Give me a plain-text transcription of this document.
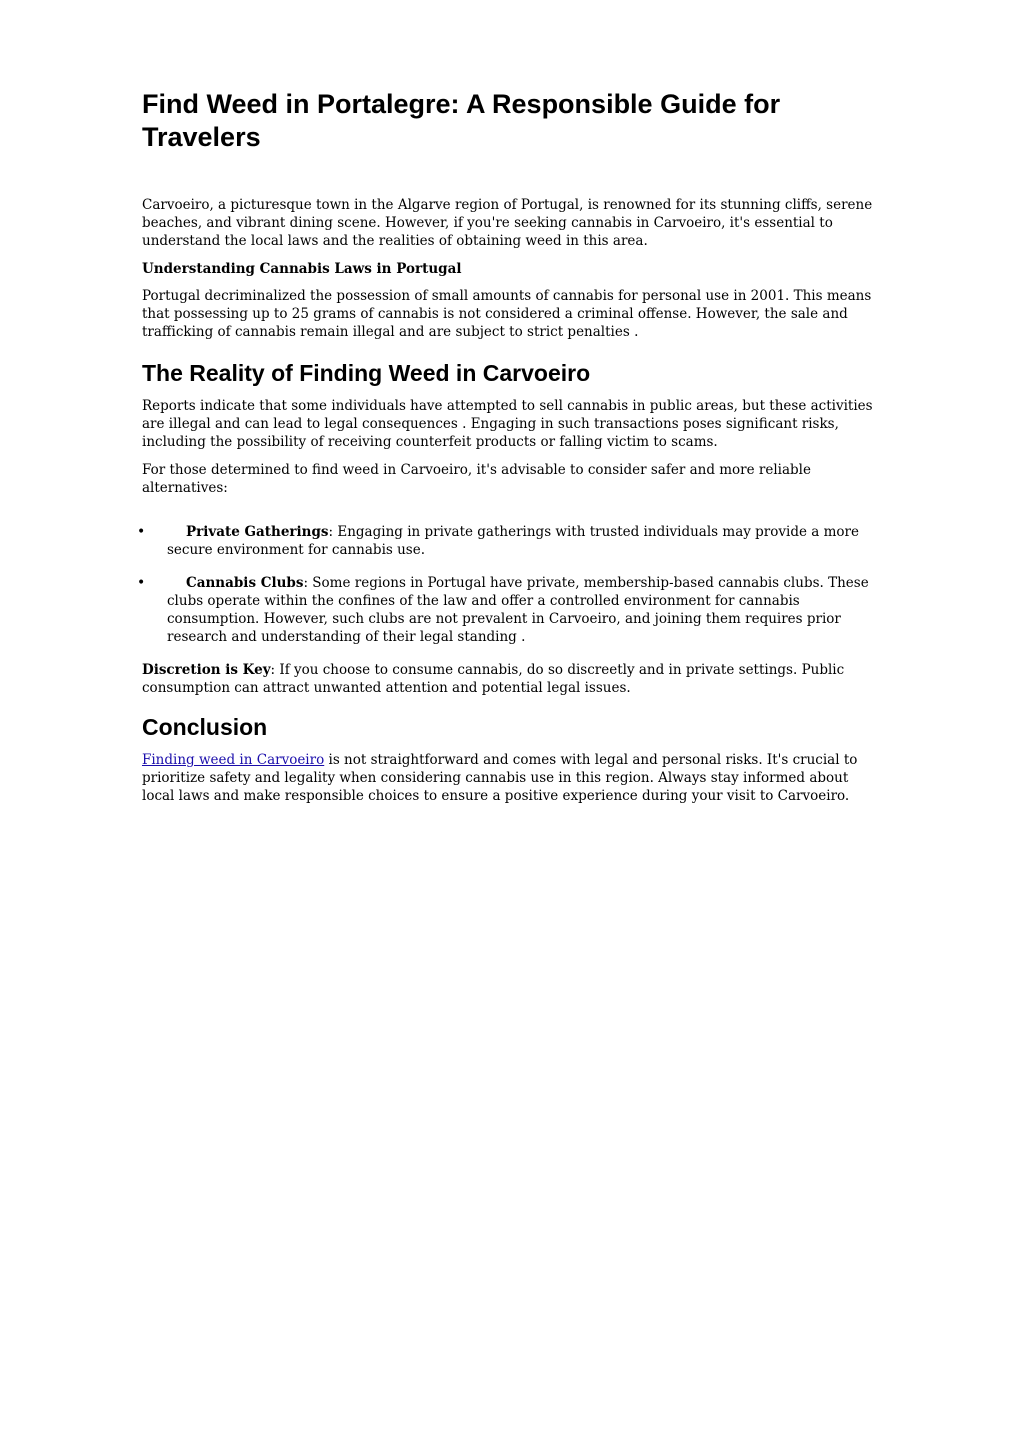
Find Weed in Portalegre: A Responsible Guide for Travelers

Carvoeiro, a picturesque town in the Algarve region of Portugal, is renowned for its stunning cliffs, serene beaches, and vibrant dining scene. However, if you're seeking cannabis in Carvoeiro, it's essential to understand the local laws and the realities of obtaining weed in this area.

Understanding Cannabis Laws in Portugal

Portugal decriminalized the possession of small amounts of cannabis for personal use in 2001. This means that possessing up to 25 grams of cannabis is not considered a criminal offense. However, the sale and trafficking of cannabis remain illegal and are subject to strict penalties .

The Reality of Finding Weed in Carvoeiro

Reports indicate that some individuals have attempted to sell cannabis in public areas, but these activities are illegal and can lead to legal consequences . Engaging in such transactions poses significant risks, including the possibility of receiving counterfeit products or falling victim to scams.

For those determined to find weed in Carvoeiro, it's advisable to consider safer and more reliable alternatives:

•	Private Gatherings: Engaging in private gatherings with trusted individuals may provide a more secure environment for cannabis use.
•	Cannabis Clubs: Some regions in Portugal have private, membership-based cannabis clubs. These clubs operate within the confines of the law and offer a controlled environment for cannabis consumption. However, such clubs are not prevalent in Carvoeiro, and joining them requires prior research and understanding of their legal standing .

Discretion is Key: If you choose to consume cannabis, do so discreetly and in private settings. Public consumption can attract unwanted attention and potential legal issues.

Conclusion

Finding weed in Carvoeiro is not straightforward and comes with legal and personal risks. It's crucial to prioritize safety and legality when considering cannabis use in this region. Always stay informed about local laws and make responsible choices to ensure a positive experience during your visit to Carvoeiro.
